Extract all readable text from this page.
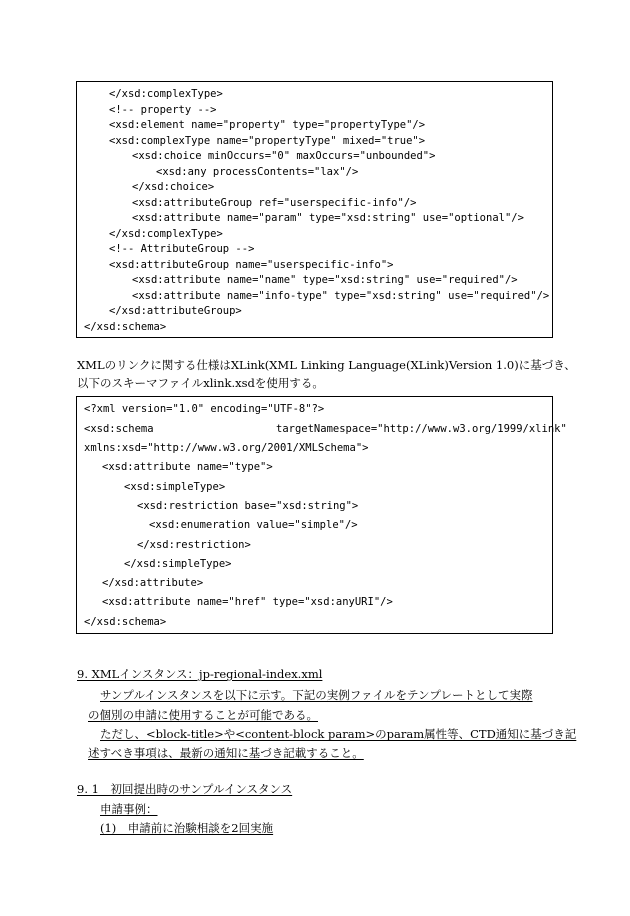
</xsd:complexType>
<!-- property -->
<xsd:element name="property" type="propertyType"/>
<xsd:complexType name="propertyType" mixed="true">
<xsd:choice minOccurs="0" maxOccurs="unbounded">
<xsd:any processContents="lax"/>
</xsd:choice>
<xsd:attributeGroup ref="userspecific-info"/>
<xsd:attribute name="param" type="xsd:string" use="optional"/>
</xsd:complexType>
<!-- AttributeGroup -->
<xsd:attributeGroup name="userspecific-info">
<xsd:attribute name="name" type="xsd:string" use="required"/>
<xsd:attribute name="info-type" type="xsd:string" use="required"/>
</xsd:attributeGroup>
</xsd:schema>
XMLのリンクに関する仕様はXLink(XML Linking Language(XLink)Version 1.0)に基づき、
以下のスキーマファイルxlink.xsdを使用する。
<?xml version="1.0" encoding="UTF-8"?>
<xsd:schema	targetNamespace="http://www.w3.org/1999/xlink"
xmlns:xsd="http://www.w3.org/2001/XMLSchema">
<xsd:attribute name="type">
<xsd:simpleType>
<xsd:restriction base="xsd:string">
<xsd:enumeration value="simple"/>
</xsd:restriction>
</xsd:simpleType>
</xsd:attribute>
<xsd:attribute name="href" type="xsd:anyURI"/>
</xsd:schema>
9. XMLインスタンス：jp-regional-index.xml
サンプルインスタンスを以下に示す。下記の実例ファイルをテンプレートとして実際
の個別の申請に使用することが可能である。
ただし、<block-title>や<content-block param>のparam属性等、CTD通知に基づき記
述すべき事項は、最新の通知に基づき記載すること。
9. 1　初回提出時のサンプルインスタンス
申請事例：
(1)　申請前に治験相談を2回実施
